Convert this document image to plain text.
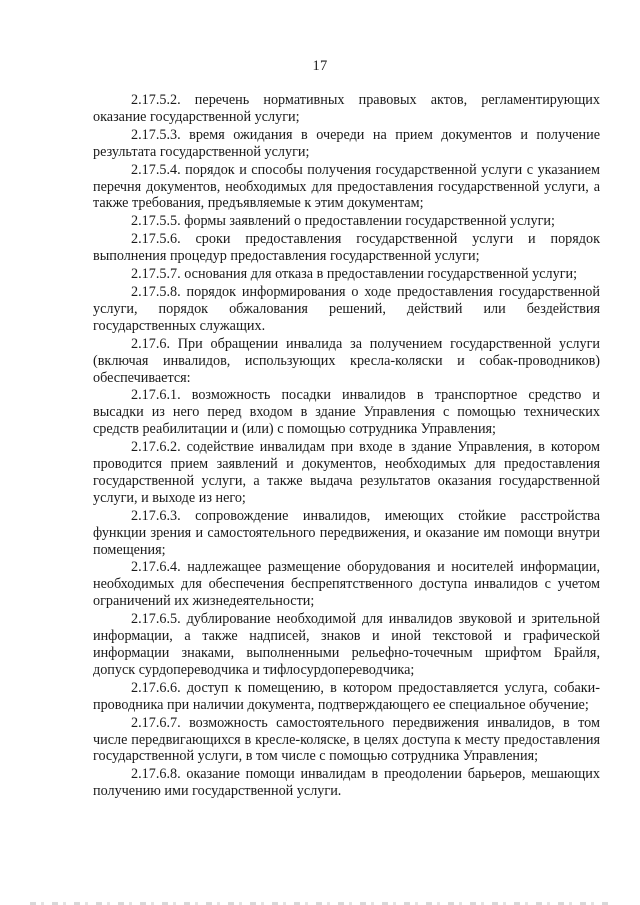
17

2.17.5.2. перечень нормативных правовых актов, регламентирующих оказание государственной услуги;

2.17.5.3. время ожидания в очереди на прием документов и получение результата государственной услуги;

2.17.5.4. порядок и способы получения государственной услуги с указанием перечня документов, необходимых для предоставления государственной услуги, а также требования, предъявляемые к этим документам;

2.17.5.5. формы заявлений о предоставлении государственной услуги;

2.17.5.6. сроки предоставления государственной услуги и порядок выполнения процедур предоставления государственной услуги;

2.17.5.7. основания для отказа в предоставлении государственной услуги;

2.17.5.8. порядок информирования о ходе предоставления государственной услуги, порядок обжалования решений, действий или бездействия государственных служащих.

2.17.6. При обращении инвалида за получением государственной услуги (включая инвалидов, использующих кресла-коляски и собак-проводников) обеспечивается:

2.17.6.1. возможность посадки инвалидов в транспортное средство и высадки из него перед входом в здание Управления с помощью технических средств реабилитации и (или) с помощью сотрудника Управления;

2.17.6.2. содействие инвалидам при входе в здание Управления, в котором проводится прием заявлений и документов, необходимых для предоставления государственной услуги, а также выдача результатов оказания государственной услуги, и выходе из него;

2.17.6.3. сопровождение инвалидов, имеющих стойкие расстройства функции зрения и самостоятельного передвижения, и оказание им помощи внутри помещения;

2.17.6.4. надлежащее размещение оборудования и носителей информации, необходимых для обеспечения беспрепятственного доступа инвалидов с учетом ограничений их жизнедеятельности;

2.17.6.5. дублирование необходимой для инвалидов звуковой и зрительной информации, а также надписей, знаков и иной текстовой и графической информации знаками, выполненными рельефно-точечным шрифтом Брайля, допуск сурдопереводчика и тифлосурдопереводчика;

2.17.6.6. доступ к помещению, в котором предоставляется услуга, собаки-проводника при наличии документа, подтверждающего ее специальное обучение;

2.17.6.7. возможность самостоятельного передвижения инвалидов, в том числе передвигающихся в кресле-коляске, в целях доступа к месту предоставления государственной услуги, в том числе с помощью сотрудника Управления;

2.17.6.8. оказание помощи инвалидам в преодолении барьеров, мешающих получению ими государственной услуги.
